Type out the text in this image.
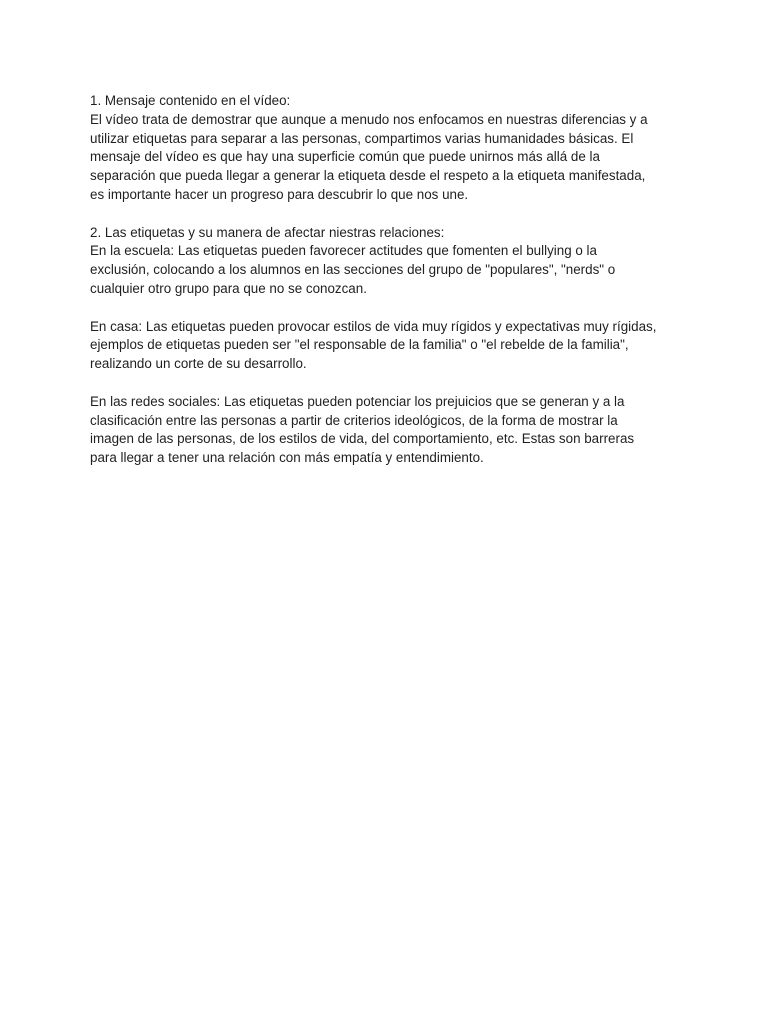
1. Mensaje contenido en el vídeo:
El vídeo trata de demostrar que aunque a menudo nos enfocamos en nuestras diferencias y a
utilizar etiquetas para separar a las personas, compartimos varias humanidades básicas. El
mensaje del vídeo es que hay una superficie común que puede unirnos más allá de la
separación que pueda llegar a generar la etiqueta desde el respeto a la etiqueta manifestada,
es importante hacer un progreso para descubrir lo que nos une.
2. Las etiquetas y su manera de afectar niestras relaciones:
En la escuela: Las etiquetas pueden favorecer actitudes que fomenten el bullying o la
exclusión, colocando a los alumnos en las secciones del grupo de "populares", "nerds" o
cualquier otro grupo para que no se conozcan.
En casa: Las etiquetas pueden provocar estilos de vida muy rígidos y expectativas muy rígidas,
ejemplos de etiquetas pueden ser "el responsable de la familia" o "el rebelde de la familia",
realizando un corte de su desarrollo.
En las redes sociales: Las etiquetas pueden potenciar los prejuicios que se generan y a la
clasificación entre las personas a partir de criterios ideológicos, de la forma de mostrar la
imagen de las personas, de los estilos de vida, del comportamiento, etc. Estas son barreras
para llegar a tener una relación con más empatía y entendimiento.
